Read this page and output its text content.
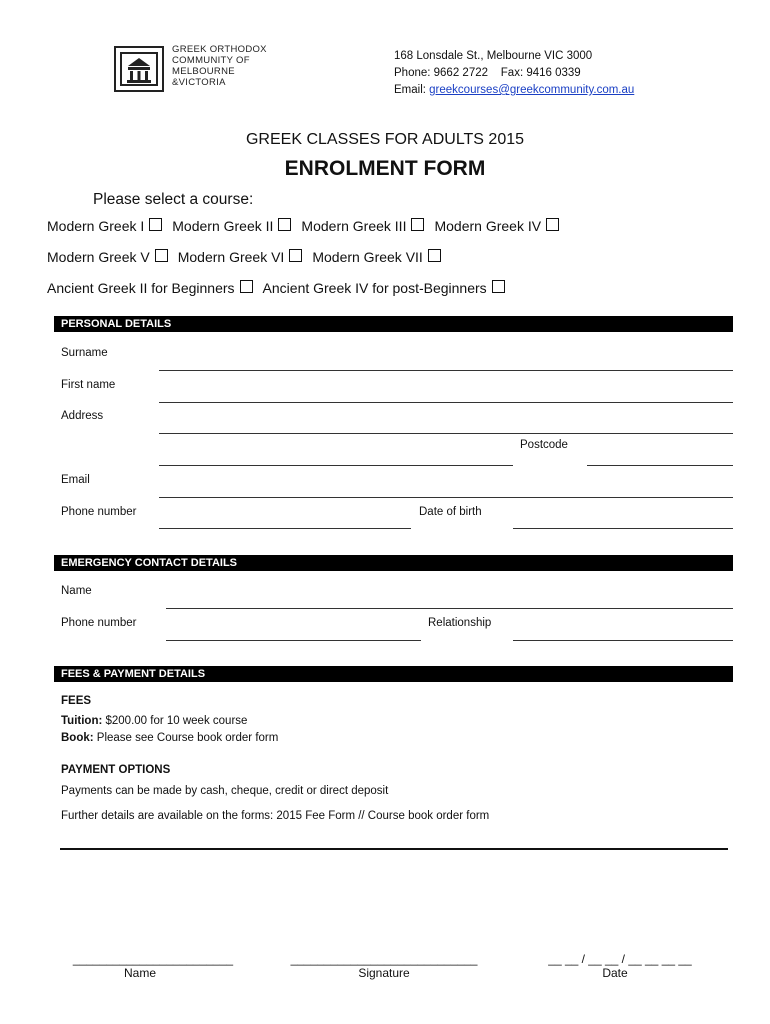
GREEK ORTHODOX
COMMUNITY OF
MELBOURNE
&VICTORIA
168 Lonsdale St., Melbourne VIC 3000
Phone: 9662 2722    Fax: 9416 0339
Email: greekcourses@greekcommunity.com.au
GREEK CLASSES FOR ADULTS 2015
ENROLMENT FORM
Please select a course:
Modern Greek I Modern Greek II Modern Greek III Modern Greek IV
Modern Greek V Modern Greek VI Modern Greek VII
Ancient Greek II for Beginners Ancient Greek IV for post-Beginners
PERSONAL DETAILS
Surname
First name
Address
Postcode
Email
Phone number	Date of birth
EMERGENCY CONTACT DETAILS
Name
Phone number	Relationship
FEES & PAYMENT DETAILS
FEES
Tuition: $200.00 for 10 week course
Book: Please see Course book order form
PAYMENT OPTIONS
Payments can be made by cash, cheque, credit or direct deposit
Further details are available on the forms: 2015 Fee Form // Course book order form
________________________
Name
____________________________
Signature
__ __ / __ __ / __ __ __ __
Date
